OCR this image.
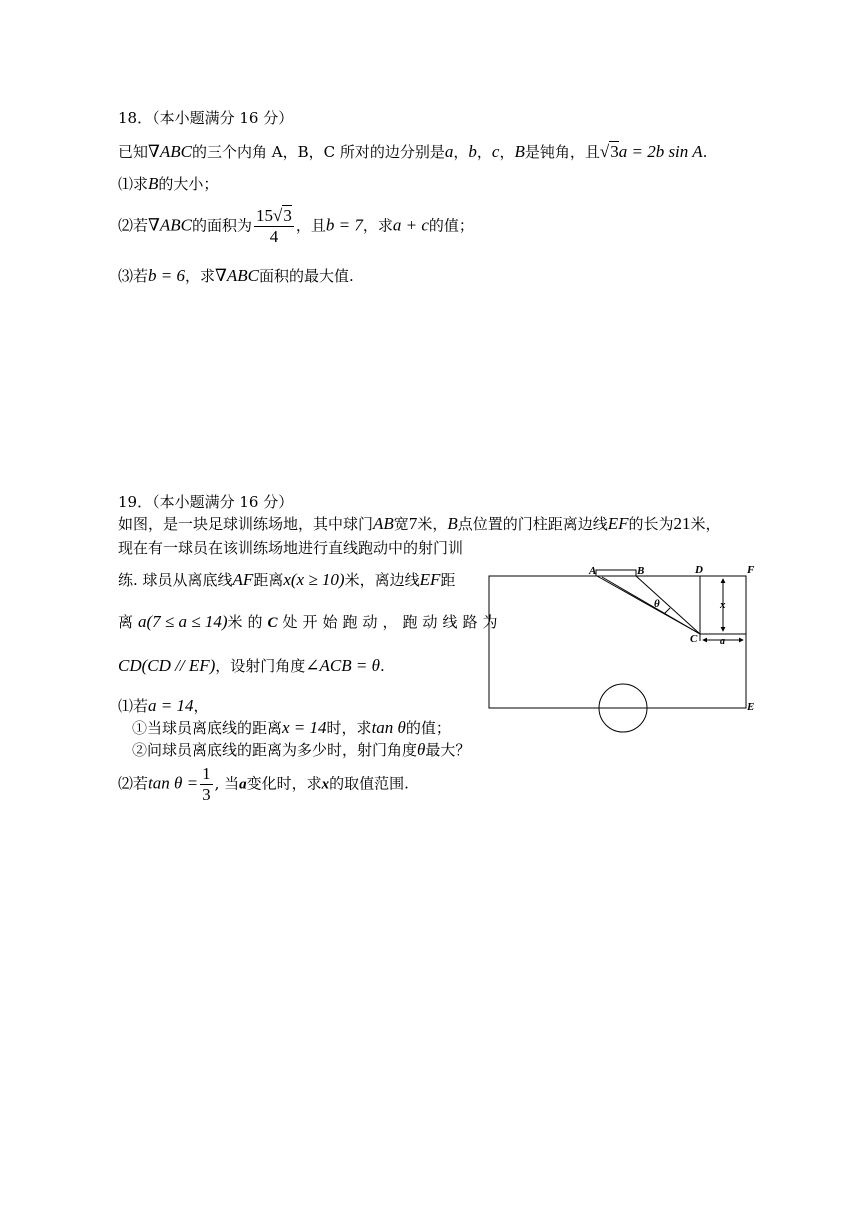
18．（本小题满分 16 分）
已知∇ABC的三个内角 A，B，C 所对的边分别是a，b，c，B是钝角，且√3a = 2b sin A.
⑴求B的大小；
⑵若∇ABC的面积为 $\frac{15√3}{4}$ ，且b = 7，求a + c的值；
⑶若b = 6，求∇ABC面积的最大值.
19．（本小题满分 16 分）
如图，是一块足球训练场地，其中球门AB宽7米，B点位置的门柱距离边线EF的长为21米，
现在有一球员在该训练场地进行直线跑动中的射门训
练. 球员从离底线AF距离x(x ≥ 10)米，离边线EF距
离a(7 ≤ a ≤ 14)米的C处开始跑动，跑动线路为
CD(CD // EF)，设射门角度∠ACB = θ.
⑴若a = 14，
①当球员离底线的距离x = 14时，求tan θ的值；
②问球员离底线的距离为多少时，射门角度θ最大？
⑵若$\tan \theta = \frac{1}{3}$ , 当a变化时，求x的取值范围.
A	B	D	F
C
E
θ	x
a
